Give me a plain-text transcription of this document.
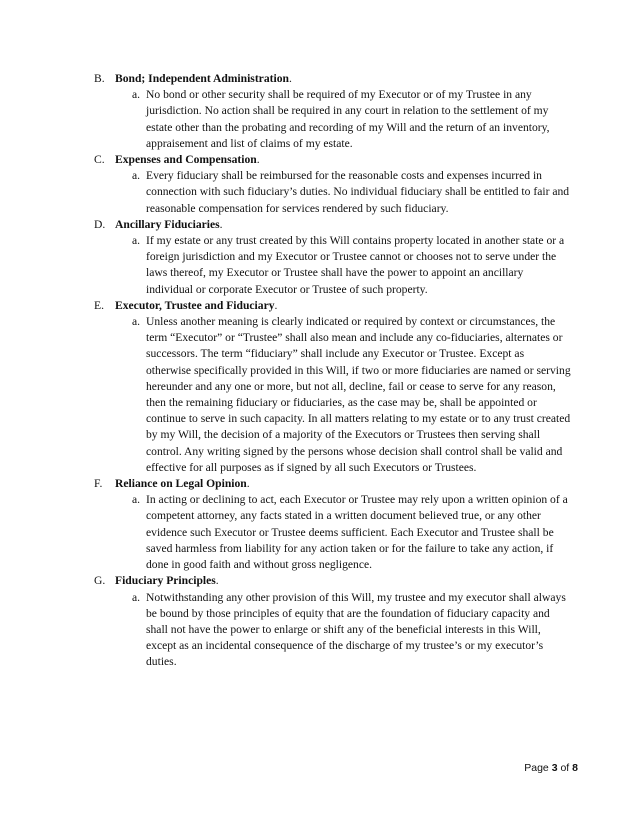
B. Bond; Independent Administration.
a. No bond or other security shall be required of my Executor or of my Trustee in any jurisdiction. No action shall be required in any court in relation to the settlement of my estate other than the probating and recording of my Will and the return of an inventory, appraisement and list of claims of my estate.
C. Expenses and Compensation.
a. Every fiduciary shall be reimbursed for the reasonable costs and expenses incurred in connection with such fiduciary’s duties. No individual fiduciary shall be entitled to fair and reasonable compensation for services rendered by such fiduciary.
D. Ancillary Fiduciaries.
a. If my estate or any trust created by this Will contains property located in another state or a foreign jurisdiction and my Executor or Trustee cannot or chooses not to serve under the laws thereof, my Executor or Trustee shall have the power to appoint an ancillary individual or corporate Executor or Trustee of such property.
E. Executor, Trustee and Fiduciary.
a. Unless another meaning is clearly indicated or required by context or circumstances, the term “Executor” or “Trustee” shall also mean and include any co-fiduciaries, alternates or successors. The term “fiduciary” shall include any Executor or Trustee. Except as otherwise specifically provided in this Will, if two or more fiduciaries are named or serving hereunder and any one or more, but not all, decline, fail or cease to serve for any reason, then the remaining fiduciary or fiduciaries, as the case may be, shall be appointed or continue to serve in such capacity. In all matters relating to my estate or to any trust created by my Will, the decision of a majority of the Executors or Trustees then serving shall control. Any writing signed by the persons whose decision shall control shall be valid and effective for all purposes as if signed by all such Executors or Trustees.
F.	Reliance on Legal Opinion.
a. In acting or declining to act, each Executor or Trustee may rely upon a written opinion of a competent attorney, any facts stated in a written document believed true, or any other evidence such Executor or Trustee deems sufficient. Each Executor and Trustee shall be saved harmless from liability for any action taken or for the failure to take any action, if done in good faith and without gross negligence.
G. Fiduciary Principles.
a. Notwithstanding any other provision of this Will, my trustee and my executor shall always be bound by those principles of equity that are the foundation of fiduciary capacity and shall not have the power to enlarge or shift any of the beneficial interests in this Will, except as an incidental consequence of the discharge of my trustee’s or my executor’s duties.
Page 3 of 8
